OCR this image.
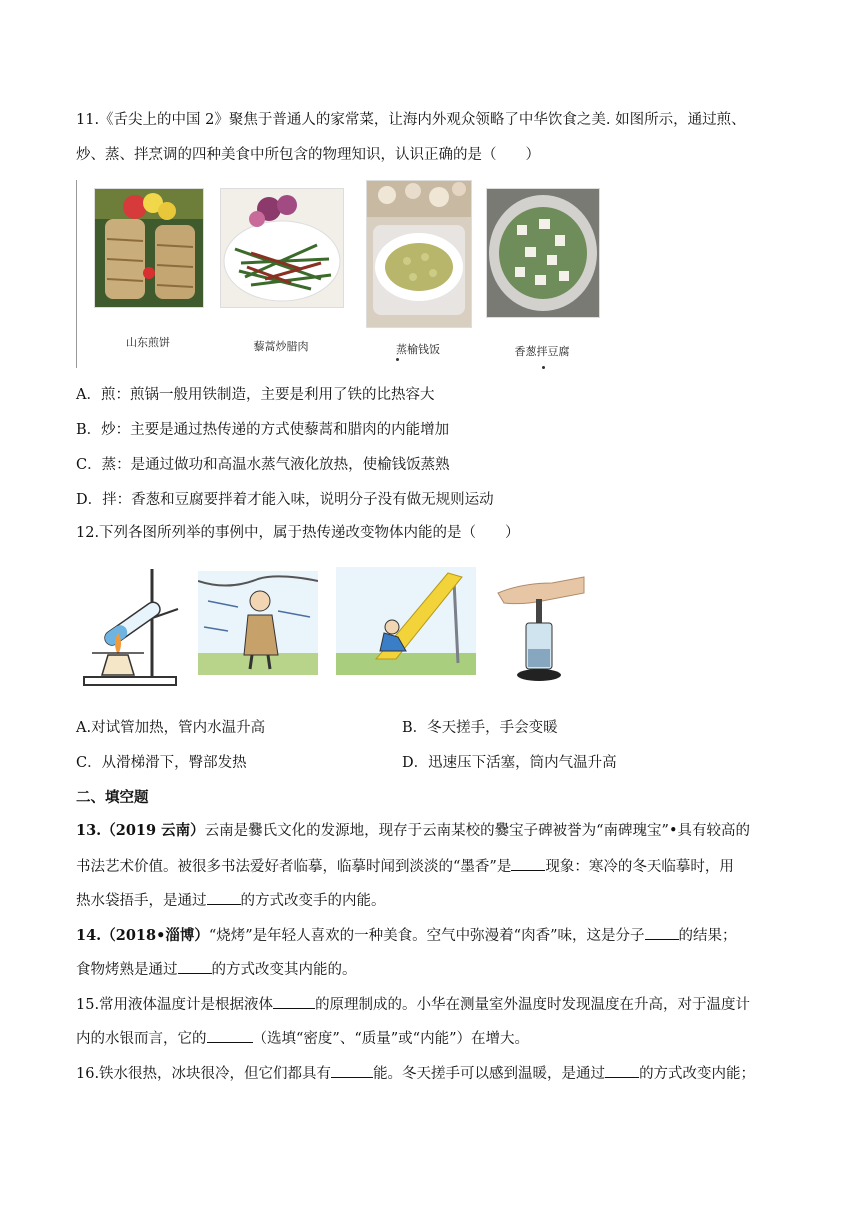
11.《舌尖上的中国 2》聚焦于普通人的家常菜，让海内外观众领略了中华饮食之美. 如图所示，通过煎、
炒、蒸、拌烹调的四种美食中所包含的物理知识，认识正确的是（　　）
山东煎饼	藜蒿炒腊肉	蒸榆钱饭	香葱拌豆腐
A．煎：煎锅一般用铁制造，主要是利用了铁的比热容大
B．炒：主要是通过热传递的方式使藜蒿和腊肉的内能增加
C．蒸：是通过做功和高温水蒸气液化放热，使榆钱饭蒸熟
D．拌：香葱和豆腐要拌着才能入味，说明分子没有做无规则运动
12.下列各图所列举的事例中，属于热传递改变物体内能的是（　　）
A.对试管加热，管内水温升高	B．冬天搓手，手会变暖
C．从滑梯滑下，臀部发热	D．迅速压下活塞，筒内气温升高
二、填空题
13.（2019 云南）云南是爨氏文化的发源地，现存于云南某校的爨宝子碑被誉为“南碑瑰宝”•具有较高的
书法艺术价值。被很多书法爱好者临摹，临摹时闻到淡淡的“墨香”是 现象：寒冷的冬天临摹时，用
热水袋捂手，是通过 的方式改变手的内能。
14.（2018•淄博）“烧烤”是年轻人喜欢的一种美食。空气中弥漫着“肉香”味，这是分子 的结果；
食物烤熟是通过 的方式改变其内能的。
15.常用液体温度计是根据液体	的原理制成的。小华在测量室外温度时发现温度在升高，对于温度计
内的水银而言，它的	（选填“密度”、“质量”或“内能”）在增大。
16.铁水很热，冰块很冷，但它们都具有	能。冬天搓手可以感到温暖，是通过 的方式改变内能；
